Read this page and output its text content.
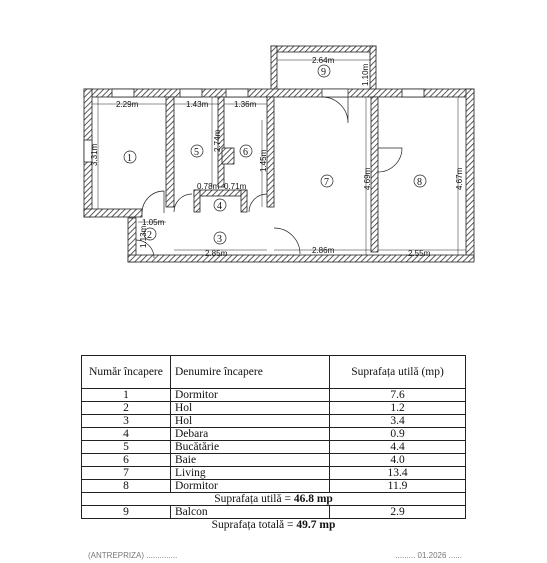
2.29m	1.43m	1.36m
2.64m
1.10m
3.31m
2.74m
1.45m
4.69m	4.67m
0.78m 0.71m
1.05m
1.13m
2.85m	2.86m	2.55m
1
2	3
4
5	6
7	8
9
Număr încapere	Denumire încapere	Suprafața utilă (mp)
1	Dormitor	7.6
2	Hol	1.2
3	Hol	3.4
4	Debara	0.9
5	Bucătărie	4.4
6	Baie	4.0
7	Living	13.4
8	Dormitor	11.9
Suprafața utilă = 46.8 mp		
9	Balcon	2.9
Suprafața totală = 49.7 mp		
(ANTREPRIZA) ..............	......... 01.2026 ......
